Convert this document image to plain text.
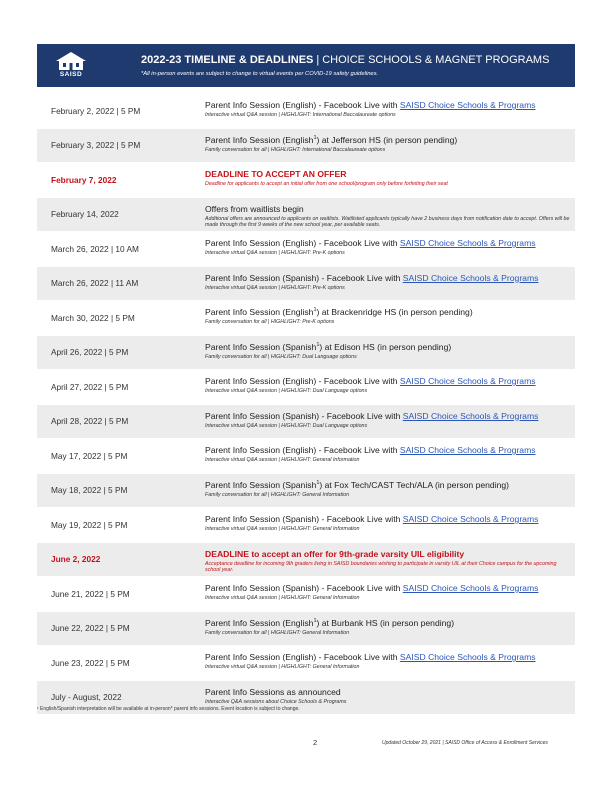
SAISD
2022-23 TIMELINE & DEADLINES | CHOICE SCHOOLS & MAGNET PROGRAMS
*All in-person events are subject to change to virtual events per COVID-19 safety guidelines.
February 2, 2022 | 5 PM
Parent Info Session (English) - Facebook Live with SAISD Choice Schools & Programs
Interactive virtual Q&A session | HIGHLIGHT: International Baccalaureate options
February 3, 2022 | 5 PM
Parent Info Session (English$^1$) at Jefferson HS (in person pending)
Family conversation for all | HIGHLIGHT: International Baccalaureate options
February 7, 2022
DEADLINE TO ACCEPT AN OFFER
Deadline for applicants to accept an initial offer from one school/program only before forfeiting their seat
February 14, 2022
Offers from waitlists begin
Additional offers are announced to applicants on waitlists. Waitlisted applicants typically have 2 business days from notification date to accept. Offers will be made through the first 9 weeks of the new school year, per available seats.
March 26, 2022 | 10 AM
Parent Info Session (English) - Facebook Live with SAISD Choice Schools & Programs
Interactive virtual Q&A session | HIGHLIGHT: Pre-K options
March 26, 2022 | 11 AM
Parent Info Session (Spanish) - Facebook Live with SAISD Choice Schools & Programs
Interactive virtual Q&A session | HIGHLIGHT: Pre-K options
March 30, 2022 | 5 PM
Parent Info Session (English$^1$) at Brackenridge HS (in person pending)
Family conversation for all | HIGHLIGHT: Pre-K options
April 26, 2022 | 5 PM
Parent Info Session (Spanish$^1$) at Edison HS (in person pending)
Family conversation for all | HIGHLIGHT: Dual Language options
April 27, 2022 | 5 PM
Parent Info Session (English) - Facebook Live with SAISD Choice Schools & Programs
Interactive virtual Q&A session | HIGHLIGHT: Dual Language options
April 28, 2022 | 5 PM
Parent Info Session (Spanish) - Facebook Live with SAISD Choice Schools & Programs
Interactive virtual Q&A session | HIGHLIGHT: Dual Language options
May 17, 2022 | 5 PM
Parent Info Session (English) - Facebook Live with SAISD Choice Schools & Programs
Interactive virtual Q&A session | HIGHLIGHT: General Information
May 18, 2022 | 5 PM
Parent Info Session (Spanish$^1$) at Fox Tech/CAST Tech/ALA (in person pending)
Family conversation for all | HIGHLIGHT: General Information
May 19, 2022 | 5 PM
Parent Info Session (Spanish) - Facebook Live with SAISD Choice Schools & Programs
Interactive virtual Q&A session | HIGHLIGHT: General Information
June 2, 2022
DEADLINE to accept an offer for 9th-grade varsity UIL eligibility
Acceptance deadline for incoming 9th graders living in SAISD boundaries wishing to participate in varsity UIL at their Choice campus for the upcoming school year.
June 21, 2022 | 5 PM
Parent Info Session (Spanish) - Facebook Live with SAISD Choice Schools & Programs
Interactive virtual Q&A session | HIGHLIGHT: General Information
June 22, 2022 | 5 PM
Parent Info Session (English$^1$) at Burbank HS (in person pending)
Family conversation for all | HIGHLIGHT: General Information
June 23, 2022 | 5 PM
Parent Info Session (English) - Facebook Live with SAISD Choice Schools & Programs
Interactive virtual Q&A session | HIGHLIGHT: General Information
July - August, 2022
Parent Info Sessions as announced
Interactive Q&A sessions about Choice Schools & Programs
¹ English/Spanish interpretation will be available at in-person* parent info sessions. Event location is subject to change.
2	Updated October 29, 2021 | SAISD Office of Access & Enrollment Services
